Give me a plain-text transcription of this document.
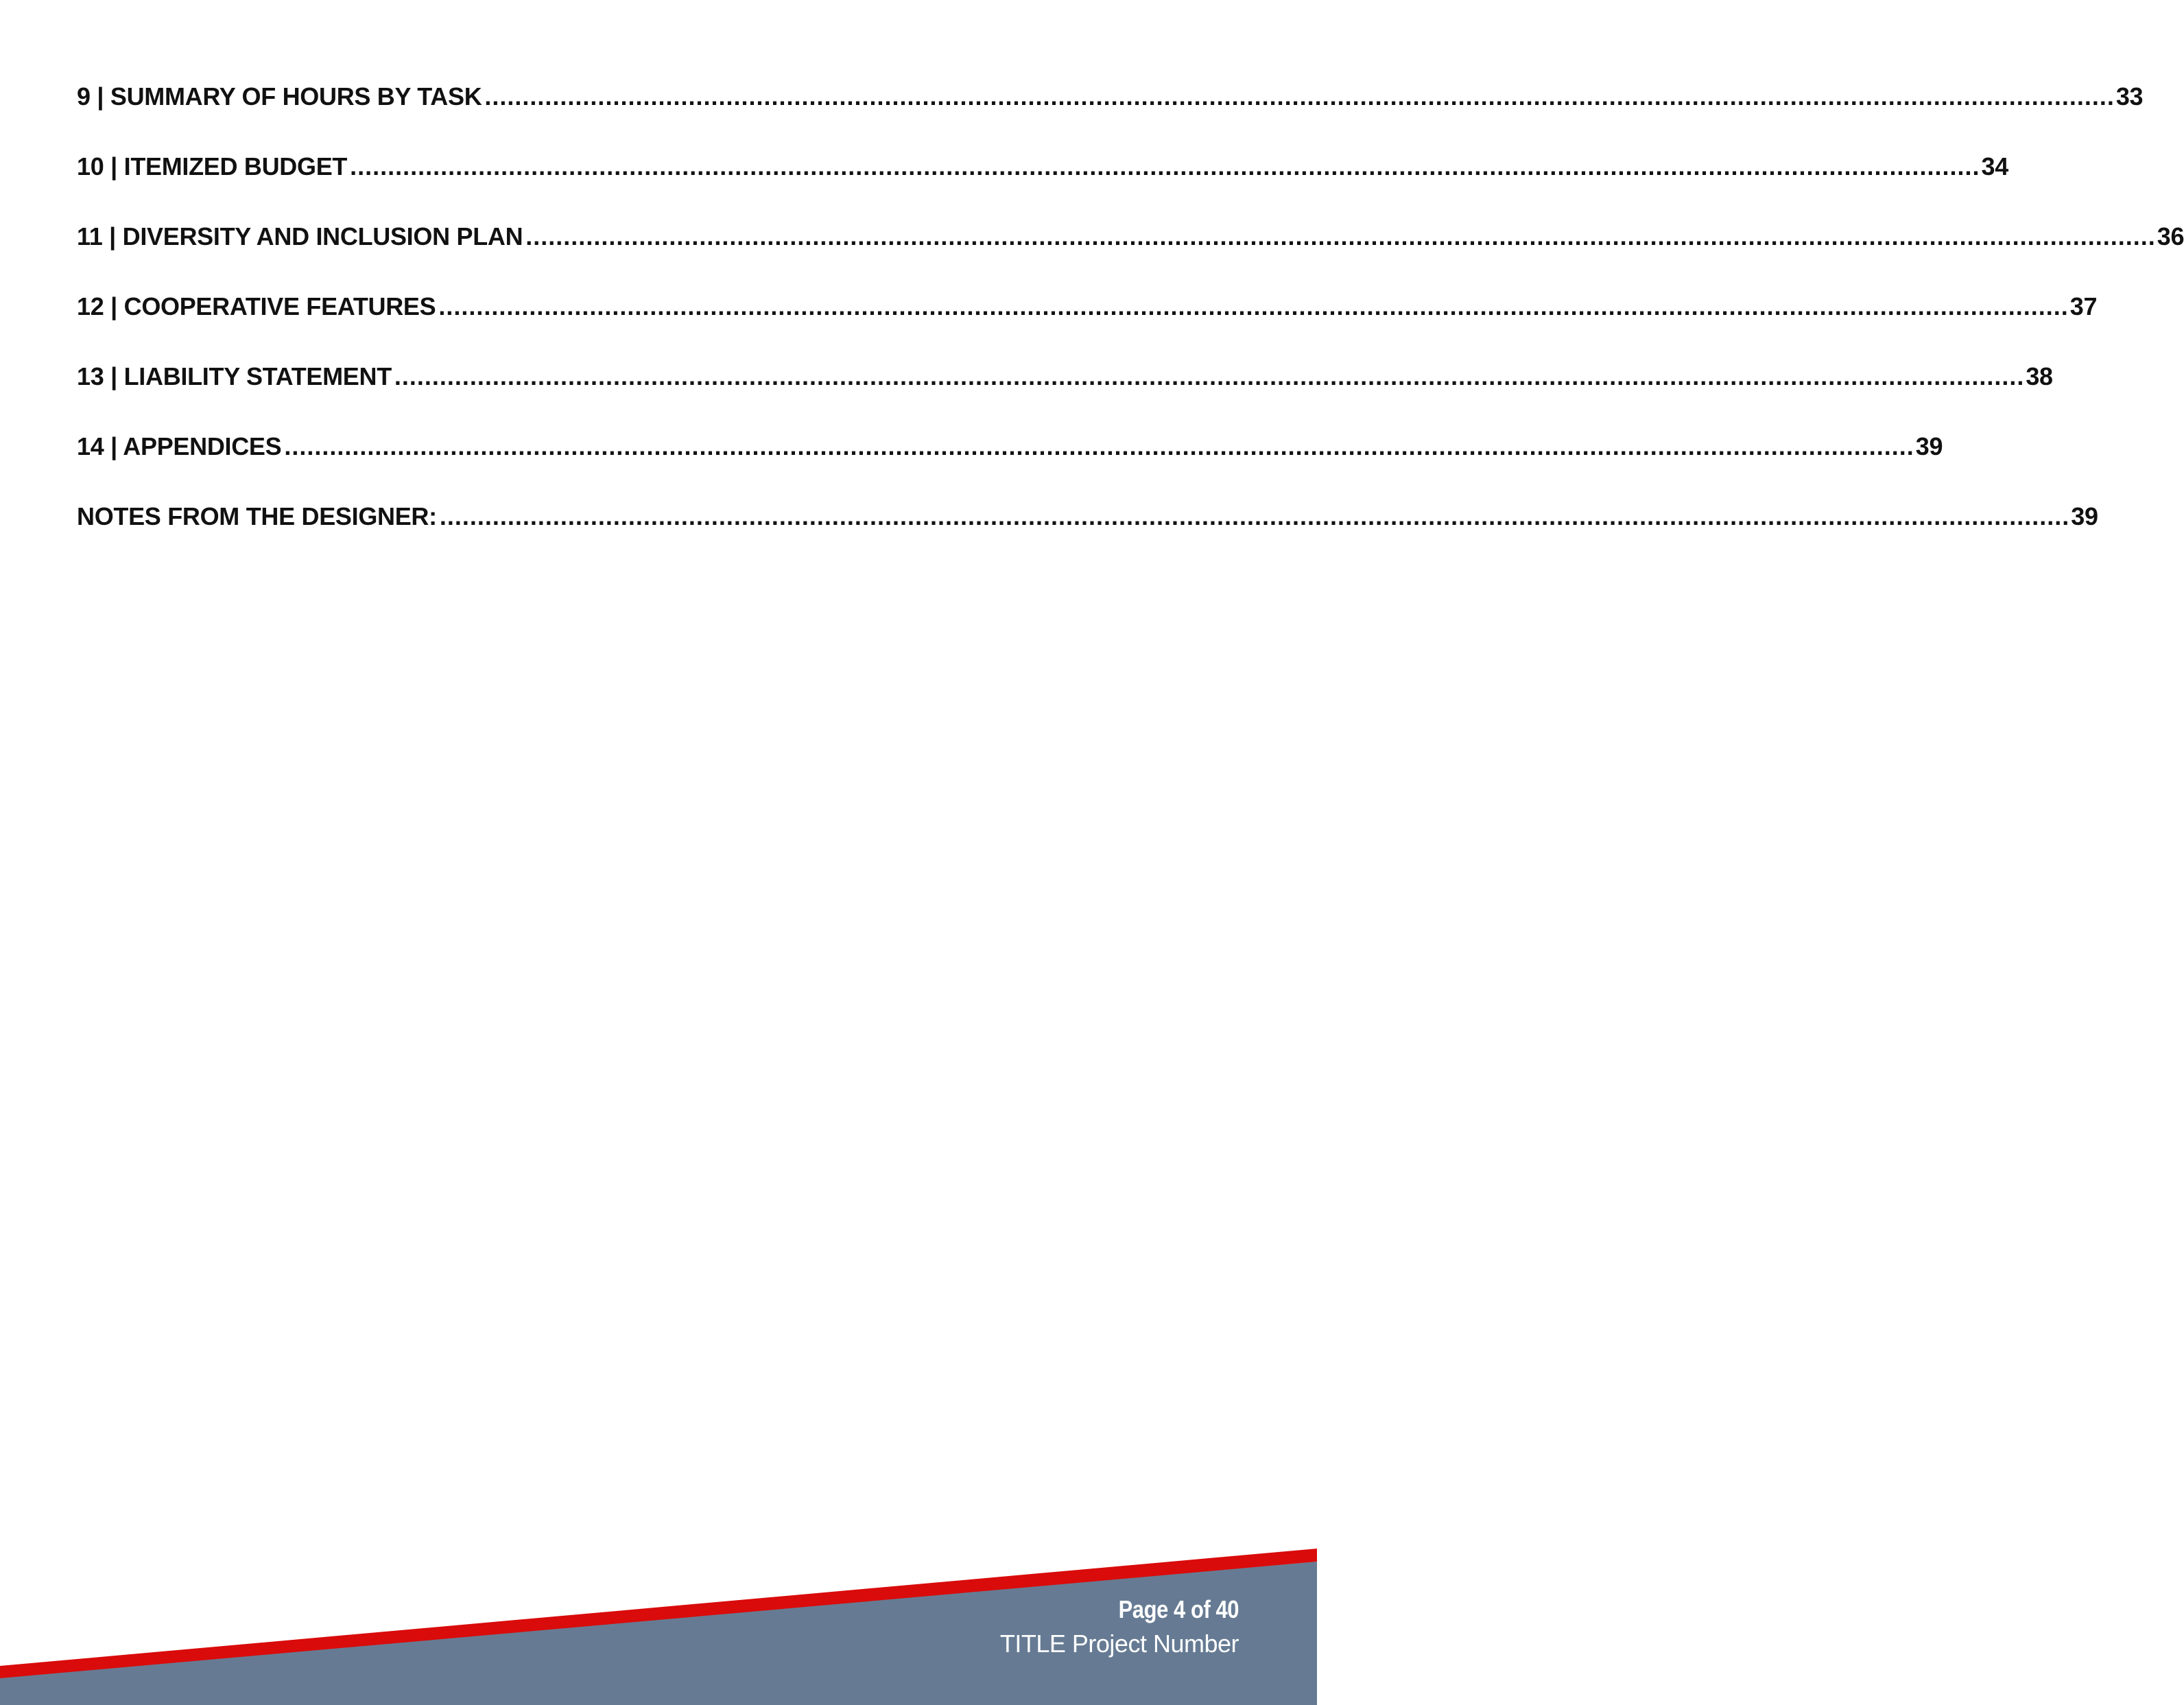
9 | SUMMARY OF HOURS BY TASK ........................................................................................................................................................................................................................ 33
10 | ITEMIZED BUDGET ........................................................................................................................................................................................................................ 34
11 | DIVERSITY AND INCLUSION PLAN ........................................................................................................................................................................................................................ 36
12 | COOPERATIVE FEATURES ........................................................................................................................................................................................................................ 37
13 | LIABILITY STATEMENT ........................................................................................................................................................................................................................ 38
14 | APPENDICES ........................................................................................................................................................................................................................ 39
NOTES FROM THE DESIGNER: ........................................................................................................................................................................................................................ 39
Page 4 of 40
TITLE Project Number
